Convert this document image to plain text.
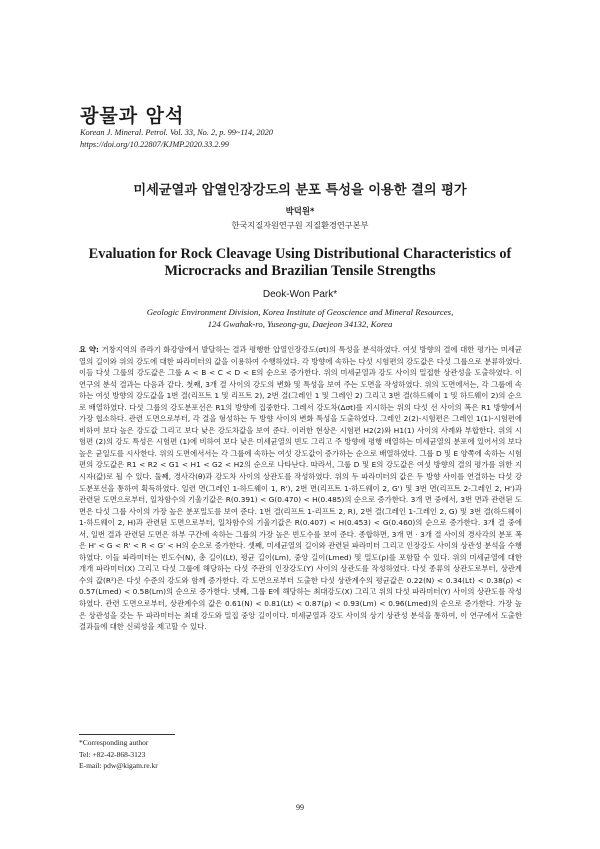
광물과 암석
Korean J. Mineral. Petrol. Vol. 33, No. 2, p. 99~114, 2020
https://doi.org/10.22807/KJMP.2020.33.2.99
미세균열과 압열인장강도의 분포 특성을 이용한 결의 평가
박덕원*
한국지질자원연구원 지질환경연구본부
Evaluation for Rock Cleavage Using Distributional Characteristics of Microcracks and Brazilian Tensile Strengths
Deok-Won Park*
Geologic Environment Division, Korea Institute of Geoscience and Mineral Resources,
124 Gwahak-ro, Yuseong-gu, Daejeon 34132, Korea
요 약: 거창지역의 쥬라기 화강암에서 발달하는 결과 평행한 압열인장강도(σt)의 특성을 분석하였다. 여섯 방향의 결에 대한 평가는 미세균열의 길이와 위의 강도에 대한 파라미터의 값을 이용하여 수행하였다. 각 방향에 속하는 다섯 시험편의 강도값은 다섯 그룹으로 분류하였다. 이들 다섯 그룹의 강도값은 그룹 A < B < C < D < E의 순으로 증가한다. 위의 미세균열과 강도 사이의 밀접한 상관성을 도출하였다. 이 연구의 분석 결과는 다음과 같다. 첫째, 3개 결 사이의 강도의 변화 및 특성을 보여 주는 도면을 작성하였다. 위의 도면에서는, 각 그룹에 속하는 여섯 방향의 강도값을 1번 결(리프트 1 및 리프트 2), 2번 결(그레인 1 및 그레인 2) 그리고 3번 결(하드웨이 1 및 하드웨이 2)의 순으로 배열하였다. 다섯 그룹의 강도분포선은 R1의 방향에 집중한다. 그레서 강도차(Δσt)를 지시하는 위의 다섯 선 사이의 폭은 R1 방향에서 가장 협소하다. 관련 도면으로부터, 각 결을 형성하는 두 방향 사이의 변화 특성을 도출하였다. 그레인 2(2)-시험편은 그레인 1(1)-시험편에 비하여 보다 높은 강도값 그리고 보다 낮은 강도차값을 보여 준다. 이러한 현상은 시험편 H2(2)와 H1(1) 사이의 사례와 부합한다. 위의 시험편 (2)의 강도 특성은 시험편 (1)에 비하여 보다 낮은 미세균열의 빈도 그리고 주 방향에 평행 배열하는 미세균열의 분포에 있어서의 보다 높은 균일도를 시사한다. 위의 도면에서서는 각 그룹에 속하는 여섯 강도값이 증가하는 순으로 배열하였다. 그룹 D 및 E 양쪽에 속하는 시험편의 강도값은 R1 < R2 < G1 < H1 < G2 < H2의 순으로 나타난다. 따라서, 그룹 D 및 E의 강도값은 여섯 방향의 결의 평가를 위한 지시자(값)로 될 수 있다. 둘째, 경사각(θ)과 강도차 사이의 상관도를 작성하였다. 위의 두 파라미터의 값은 두 방향 사이를 연결하는 다섯 강도분포선을 통하여 획득하였다. 일련 면(그레인 1-하드웨이 1, R'), 2번 면(리프트 1-하드웨이 2, G') 및 3번 면(리프트 2-그레인 2, H')과 관련된 도면으로부터, 일차함수의 기울기값은 R(0.391) < G(0.470) < H(0.485)의 순으로 증가한다. 3개 면 중에서, 3번 면과 관련된 도면은 다섯 그룹 사이의 가장 높은 분포밀도를 보여 준다. 1번 결(리프트 1-리프트 2, R), 2번 결(그레인 1-그레인 2, G) 및 3번 결(하드웨이 1-하드웨이 2, H)과 관련된 도면으로부터, 일차함수의 기울기값은 R(0.407) < H(0.453) < G(0.460)의 순으로 증가한다. 3개 결 중에서, 일번 결과 관련된 도면은 하부 구간에 속하는 그룹의 가장 높은 빈도수를 보여 준다. 종합하면, 3개 면 · 3개 결 사이의 경사각의 분포 폭은 H' < G < R' < R < G' < H의 순으로 증가한다. 셋째, 미세균열의 길이와 관련된 파라미터 그리고 인장강도 사이의 상관성 분석을 수행하였다. 이들 파라미터는 빈도수(N), 총 길이(Lt), 평균 길이(Lm), 중앙 길이(Lmed) 및 밀도(ρ)를 포함할 수 있다. 위의 미세균열에 대한 개개 파라미터(X) 그리고 다섯 그룹에 해당하는 다섯 주관의 인장강도(Y) 사이의 상관도를 작성하였다. 다섯 종류의 상관도로부터, 상관계수의 값(R²)은 다섯 수준의 강도와 함께 증가한다. 각 도면으로부터 도출한 다섯 상관계수의 평균값은 0.22(N) < 0.34(Lt) < 0.38(ρ) < 0.57(Lmed) < 0.58(Lm)의 순으로 증가한다. 넷째, 그룹 E에 해당하는 최대강도(X) 그리고 위의 다섯 파라미터(Y) 사이의 상관도를 작성하였다. 관련 도면으로부터, 상관계수의 값은 0.61(N) < 0.81(Lt) < 0.87(ρ) < 0.93(Lm) < 0.96(Lmed)의 순으로 증가한다. 가장 높은 상관성을 갖는 두 파라미터는 최대 강도와 밀집 중앙 길이이다. 미세균열과 강도 사이의 상기 상관성 분석을 통하여, 이 연구에서 도출한 결과들에 대한 신뢰성을 제고할 수 있다.
*Corresponding author
Tel: +82-42-868-3123
E-mail: pdw@kigam.re.kr
99
